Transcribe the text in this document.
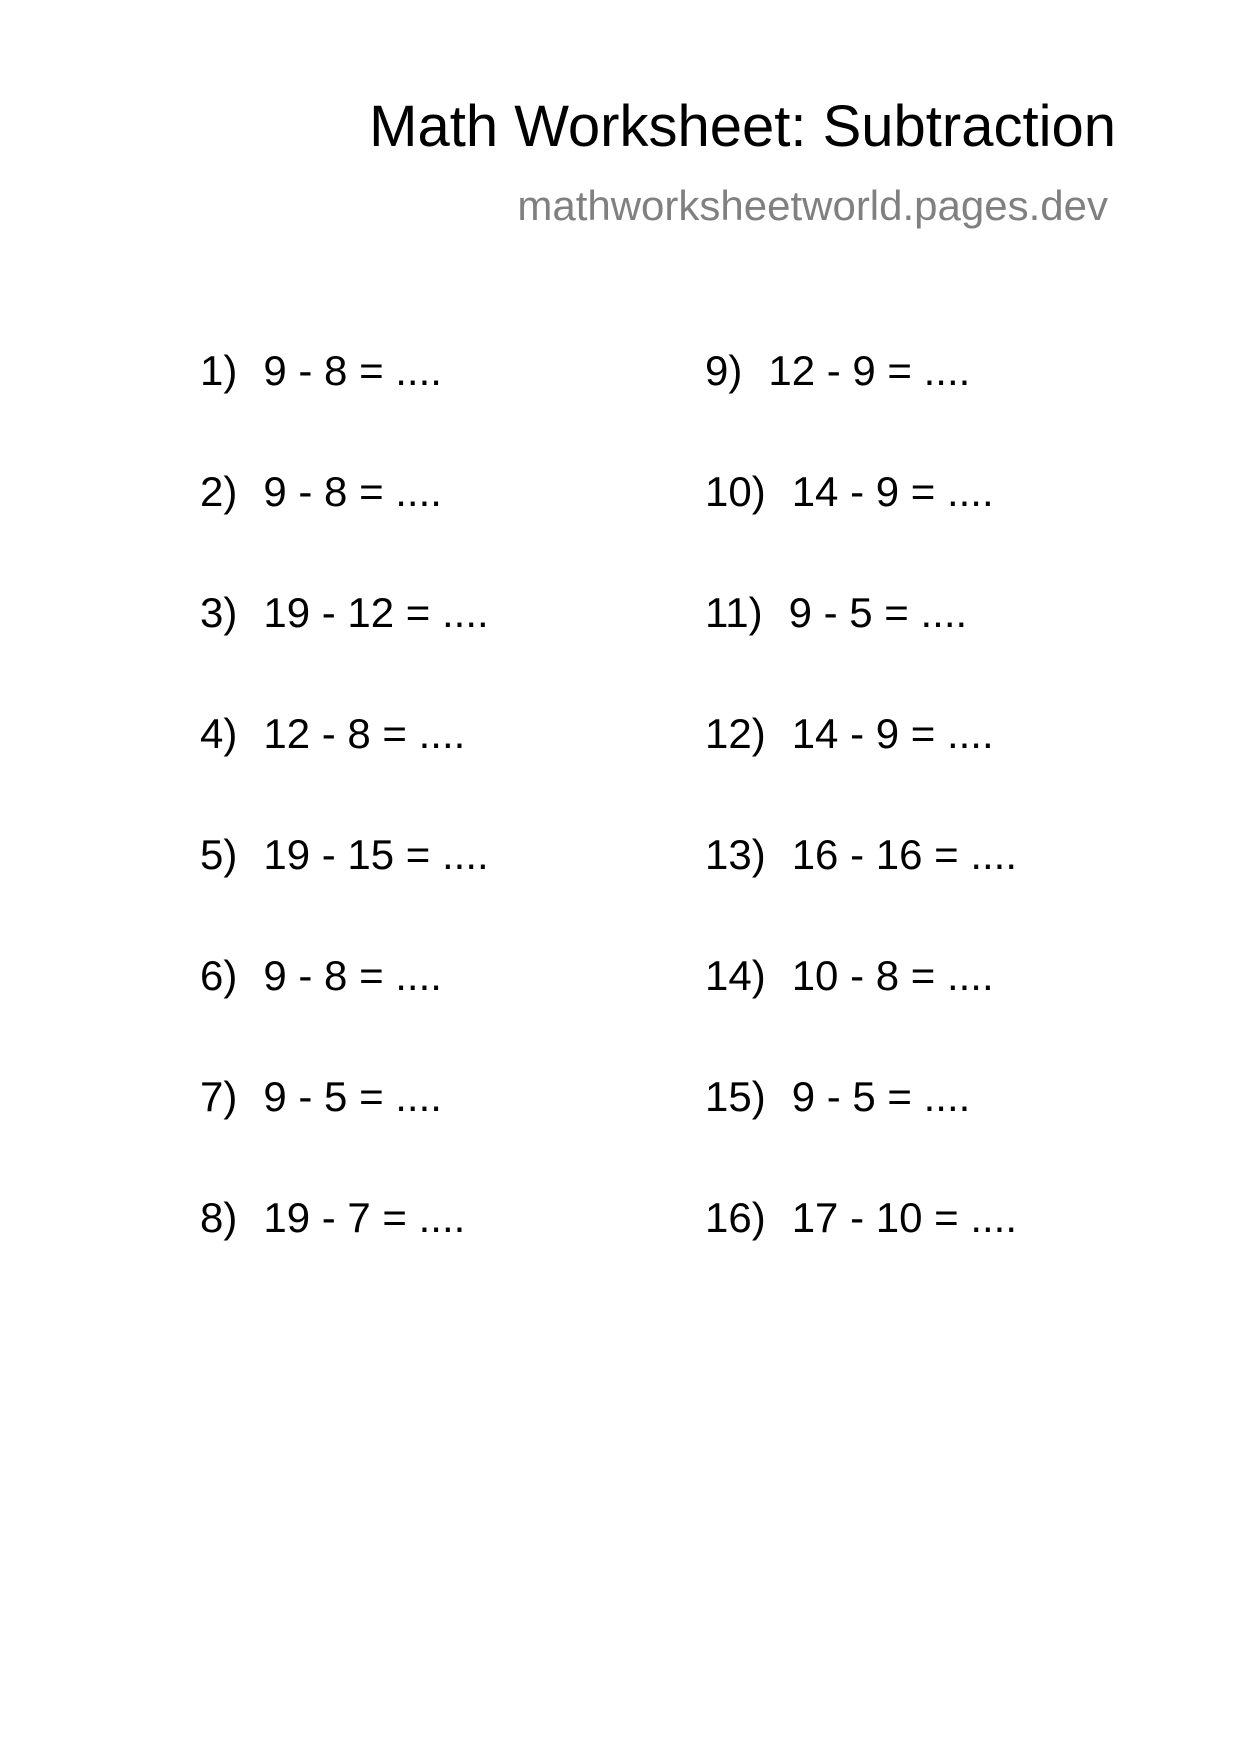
Math Worksheet: Subtraction
mathworksheetworld.pages.dev
1) 9 - 8 = ....
2) 9 - 8 = ....
3) 19 - 12 = ....
4) 12 - 8 = ....
5) 19 - 15 = ....
6) 9 - 8 = ....
7) 9 - 5 = ....
8) 19 - 7 = ....
9) 12 - 9 = ....
10) 14 - 9 = ....
11) 9 - 5 = ....
12) 14 - 9 = ....
13) 16 - 16 = ....
14) 10 - 8 = ....
15) 9 - 5 = ....
16) 17 - 10 = ....
